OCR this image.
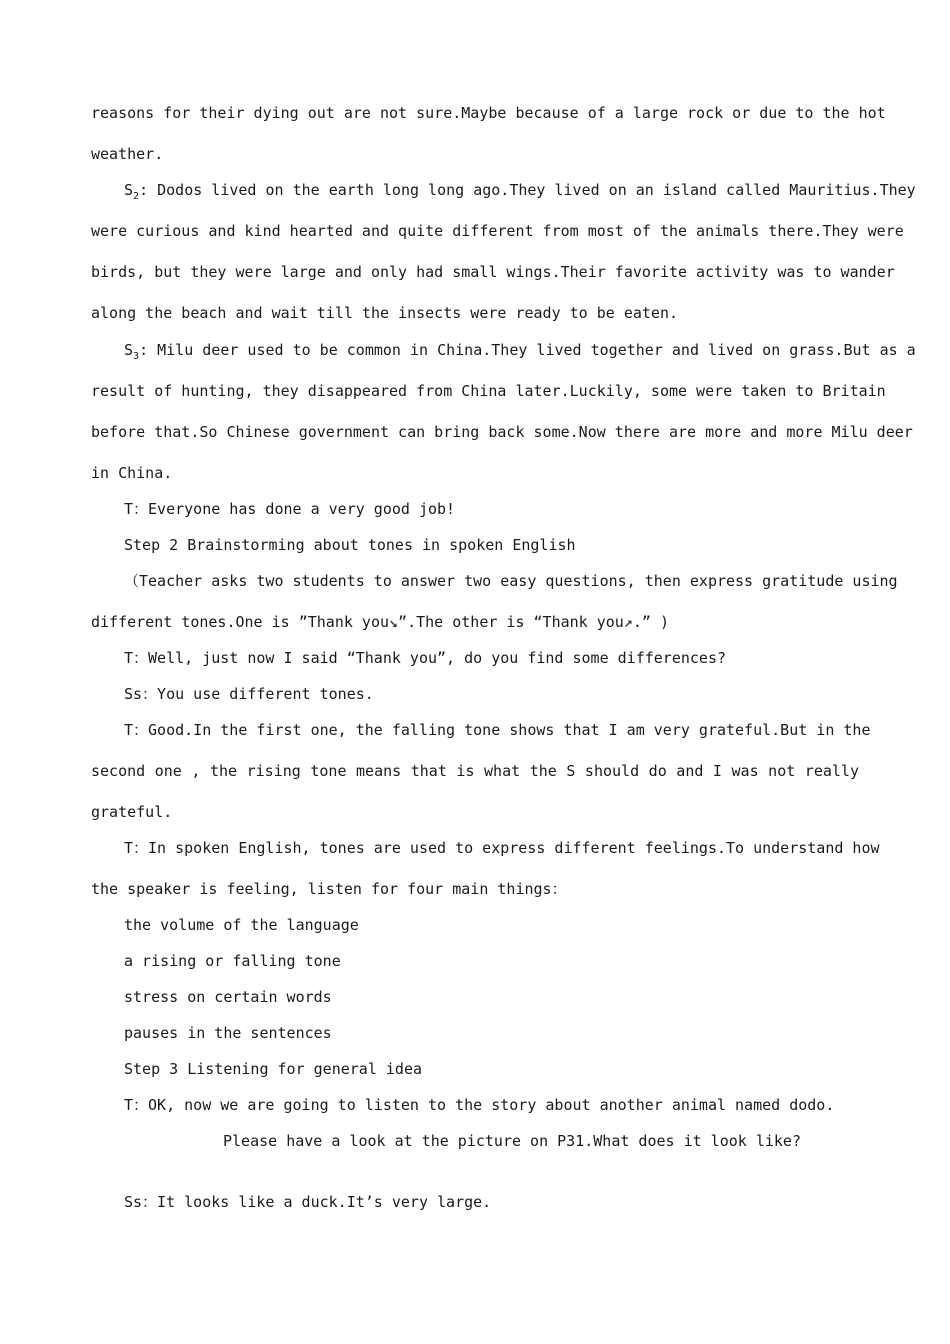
reasons for their dying out are not sure.Maybe because of a large rock or due to the hot
weather.
$S_2$: Dodos lived on the earth long long ago.They lived on an island called Mauritius.They
were curious and kind hearted and quite different from most of the animals there.They were
birds, but they were large and only had small wings.Their favorite activity was to wander
along the beach and wait till the insects were ready to be eaten.
$S_3$: Milu deer used to be common in China.They lived together and lived on grass.But as a
result of hunting, they disappeared from China later.Luckily, some were taken to Britain
before that.So Chinese government can bring back some.Now there are more and more Milu deer
in China.
T：Everyone has done a very good job!
Step 2 Brainstorming about tones in spoken English
（Teacher asks two students to answer two easy questions, then express gratitude using
different tones.One is ”Thank you↘”.The other is “Thank you↗.” )
T：Well, just now I said “Thank you”, do you find some differences?
Ss：You use different tones.
T：Good.In the first one, the falling tone shows that I am very grateful.But in the
second one , the rising tone means that is what the S should do and I was not really
grateful.
T：In spoken English, tones are used to express different feelings.To understand how
the speaker is feeling, listen for four main things：
the volume of the language
a rising or falling tone
stress on certain words
pauses in the sentences
Step 3 Listening for general idea
T：OK, now we are going to listen to the story about another animal named dodo.
Please have a look at the picture on P31.What does it look like?
Ss：It looks like a duck.It’s very large.
